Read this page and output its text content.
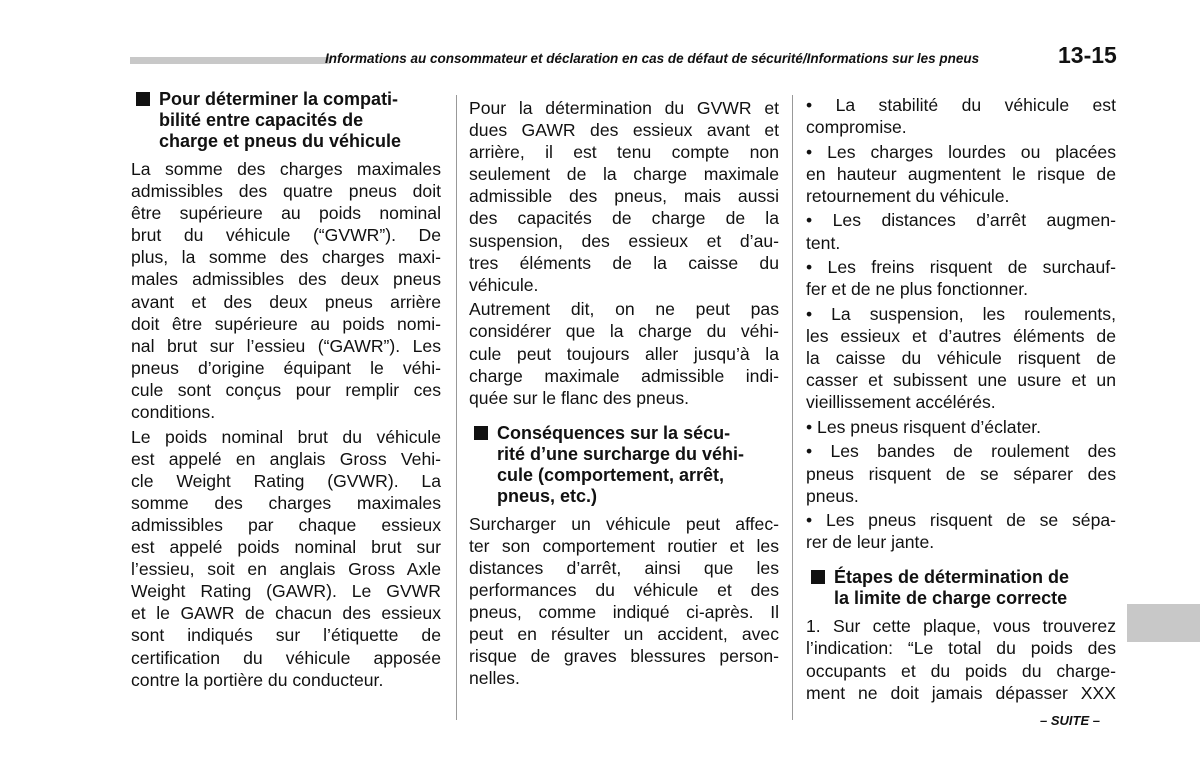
Informations au consommateur et déclaration en cas de défaut de sécurité/Informations sur les pneus	13-15
Pour déterminer la compati-
bilité entre capacités de
charge et pneus du véhicule
La somme des charges maximales
admissibles des quatre pneus doit
être supérieure au poids nominal
brut du véhicule (“GVWR”). De
plus, la somme des charges maxi-
males admissibles des deux pneus
avant et des deux pneus arrière
doit être supérieure au poids nomi-
nal brut sur l’essieu (“GAWR”). Les
pneus d’origine équipant le véhi-
cule sont conçus pour remplir ces
conditions.
Le poids nominal brut du véhicule
est appelé en anglais Gross Vehi-
cle Weight Rating (GVWR). La
somme des charges maximales
admissibles par chaque essieux
est appelé poids nominal brut sur
l’essieu, soit en anglais Gross Axle
Weight Rating (GAWR). Le GVWR
et le GAWR de chacun des essieux
sont indiqués sur l’étiquette de
certification du véhicule apposée
contre la portière du conducteur.
Pour la détermination du GVWR et
dues GAWR des essieux avant et
arrière, il est tenu compte non
seulement de la charge maximale
admissible des pneus, mais aussi
des capacités de charge de la
suspension, des essieux et d’au-
tres éléments de la caisse du
véhicule.
Autrement dit, on ne peut pas
considérer que la charge du véhi-
cule peut toujours aller jusqu’à la
charge maximale admissible indi-
quée sur le flanc des pneus.
Conséquences sur la sécu-
rité d’une surcharge du véhi-
cule (comportement, arrêt,
pneus, etc.)
Surcharger un véhicule peut affec-
ter son comportement routier et les
distances d’arrêt, ainsi que les
performances du véhicule et des
pneus, comme indiqué ci-après. Il
peut en résulter un accident, avec
risque de graves blessures person-
nelles.
• La stabilité du véhicule est
compromise.
• Les charges lourdes ou placées
en hauteur augmentent le risque de
retournement du véhicule.
• Les distances d’arrêt augmen-
tent.
• Les freins risquent de surchauf-
fer et de ne plus fonctionner.
• La suspension, les roulements,
les essieux et d’autres éléments de
la caisse du véhicule risquent de
casser et subissent une usure et un
vieillissement accélérés.
• Les pneus risquent d’éclater.
• Les bandes de roulement des
pneus risquent de se séparer des
pneus.
• Les pneus risquent de se sépa-
rer de leur jante.
Étapes de détermination de
la limite de charge correcte
1. Sur cette plaque, vous trouverez
l’indication: “Le total du poids des
occupants et du poids du charge-
ment ne doit jamais dépasser XXX
– SUITE –
